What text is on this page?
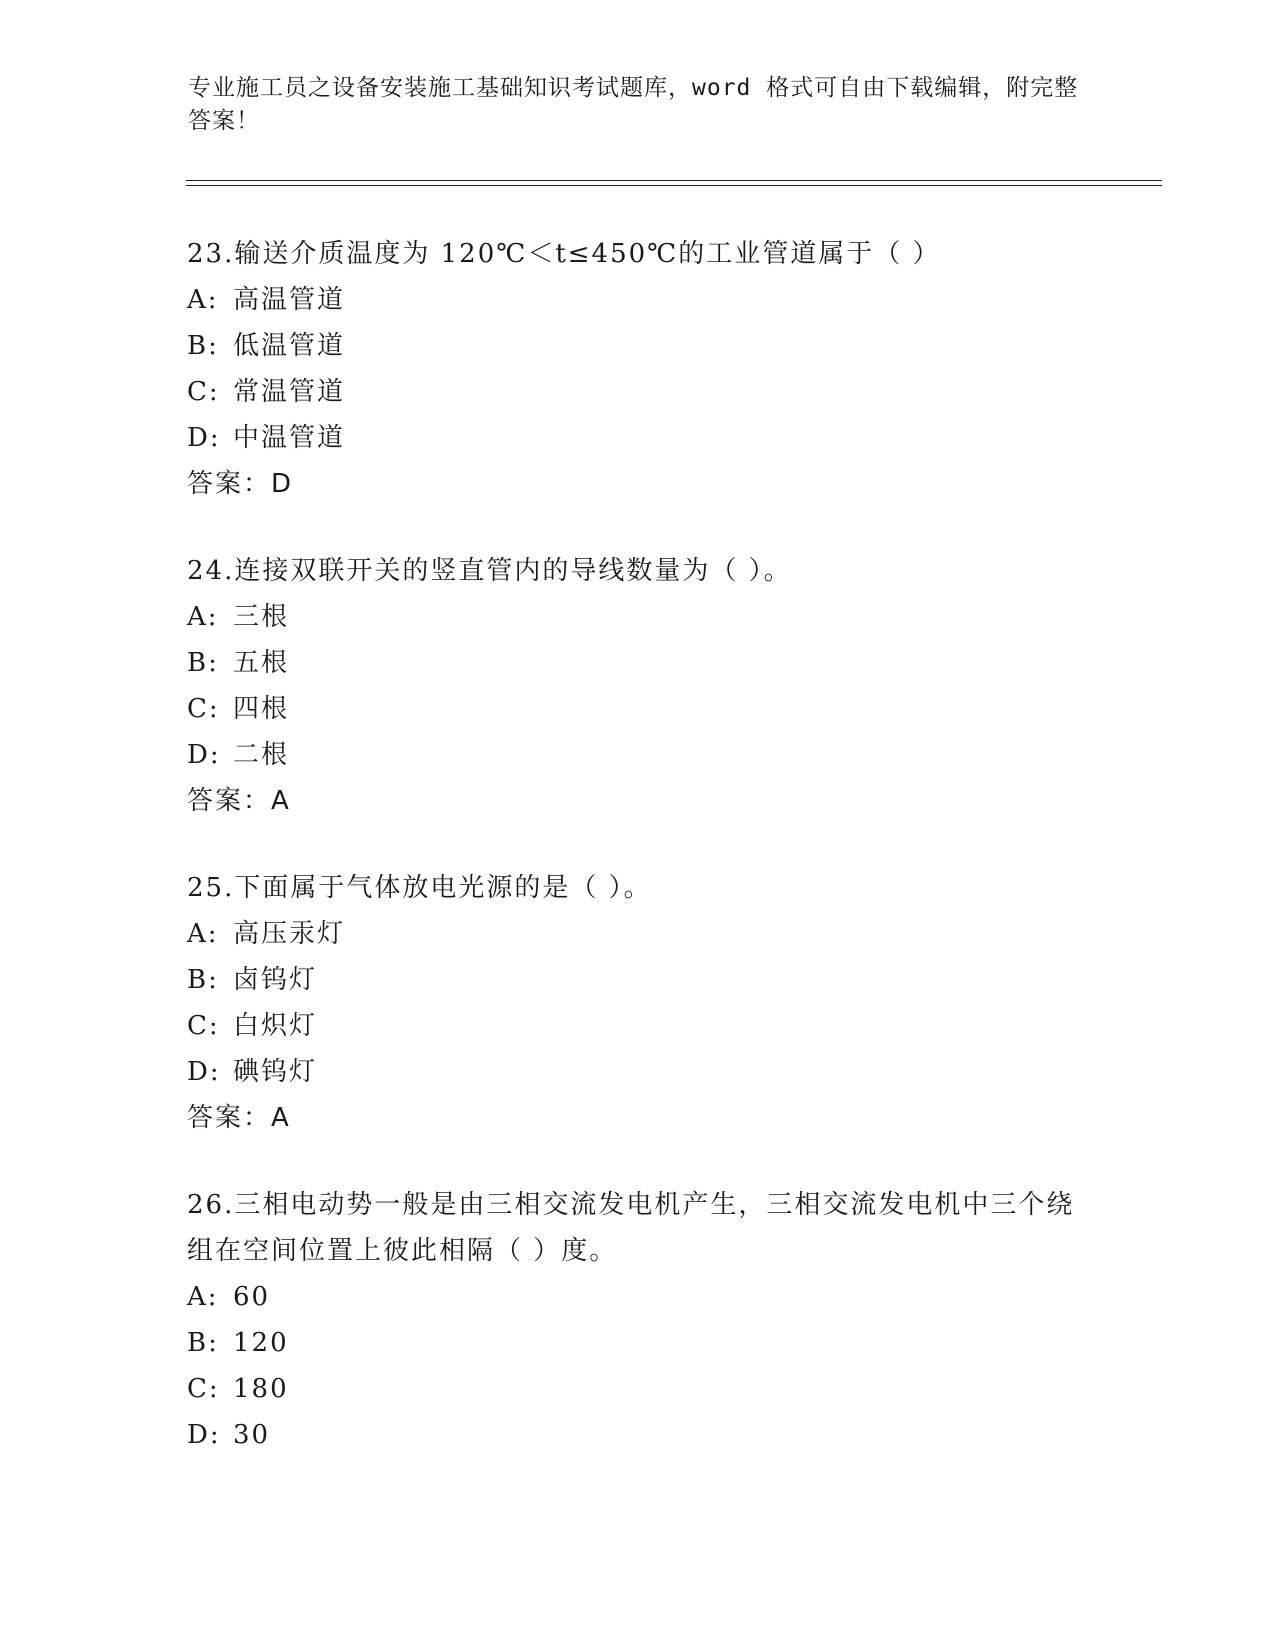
专业施工员之设备安装施工基础知识考试题库，word 格式可自由下载编辑，附完整答案！

23.输送介质温度为 120℃＜t≤450℃的工业管道属于（ ）

A: 高温管道

B: 低温管道

C: 常温管道

D: 中温管道

答案：D

24.连接双联开关的竖直管内的导线数量为（ ）。

A: 三根

B: 五根

C: 四根

D: 二根

答案：A

25.下面属于气体放电光源的是（ ）。

A: 高压汞灯

B: 卤钨灯

C: 白炽灯

D: 碘钨灯

答案：A

26.三相电动势一般是由三相交流发电机产生，三相交流发电机中三个绕组在空间位置上彼此相隔（ ）度。

A: 60

B: 120

C: 180

D: 30
